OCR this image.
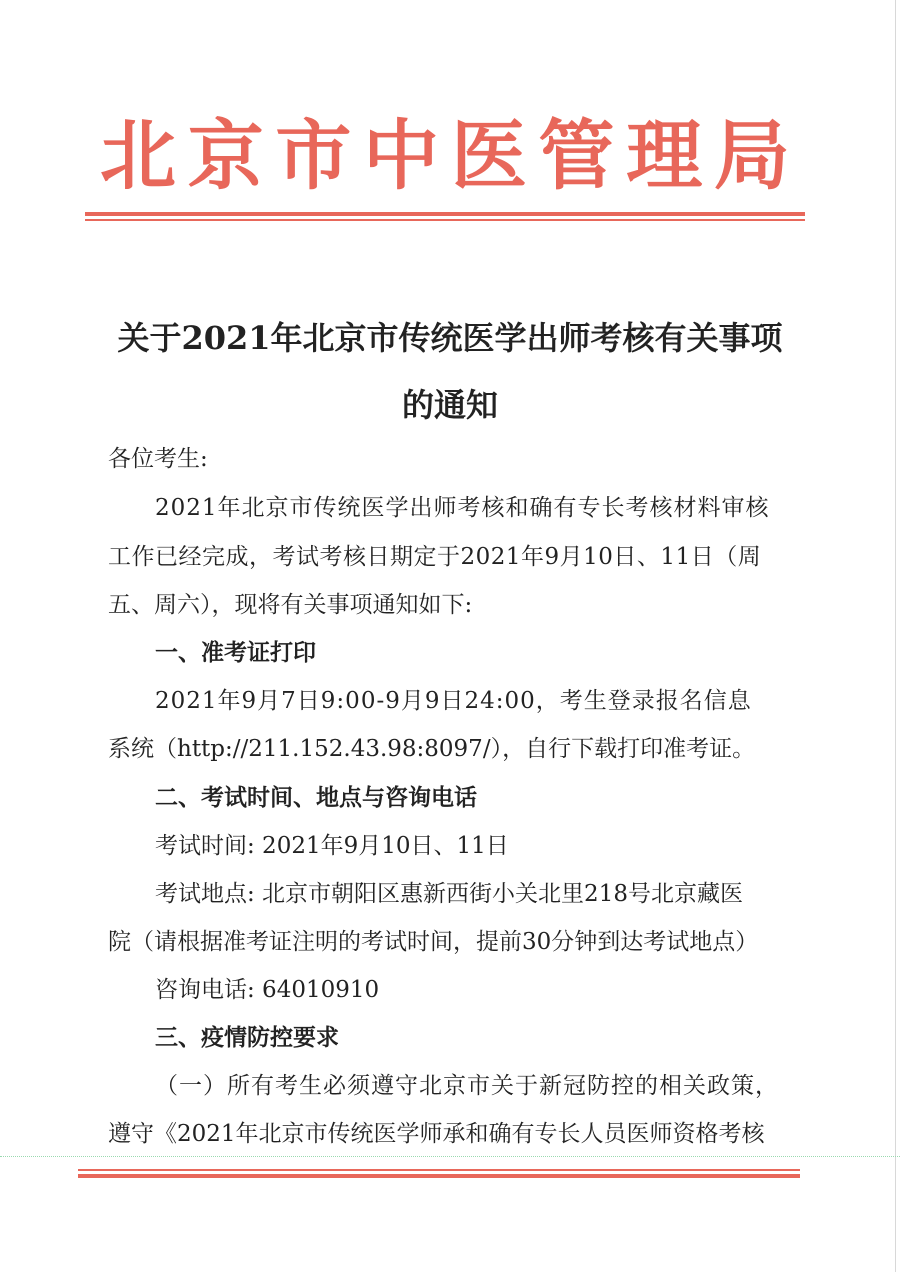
北 京 市 中 医 管 理 局
关于2021年北京市传统医学出师考核有关事项
的通知
各位考生:
2021年北京市传统医学出师考核和确有专长考核材料审核
工作已经完成，考试考核日期定于2021年9月10日、11日（周
五、周六），现将有关事项通知如下:
一、准考证打印
2021年9月7日9:00-9月9日24:00，考生登录报名信息
系统（http://211.152.43.98:8097/），自行下载打印准考证。
二、考试时间、地点与咨询电话
考试时间: 2021年9月10日、11日
考试地点: 北京市朝阳区惠新西街小关北里218号北京藏医
院（请根据准考证注明的考试时间，提前30分钟到达考试地点）
咨询电话: 64010910
三、疫情防控要求
（一）所有考生必须遵守北京市关于新冠防控的相关政策，
遵守《2021年北京市传统医学师承和确有专长人员医师资格考核
